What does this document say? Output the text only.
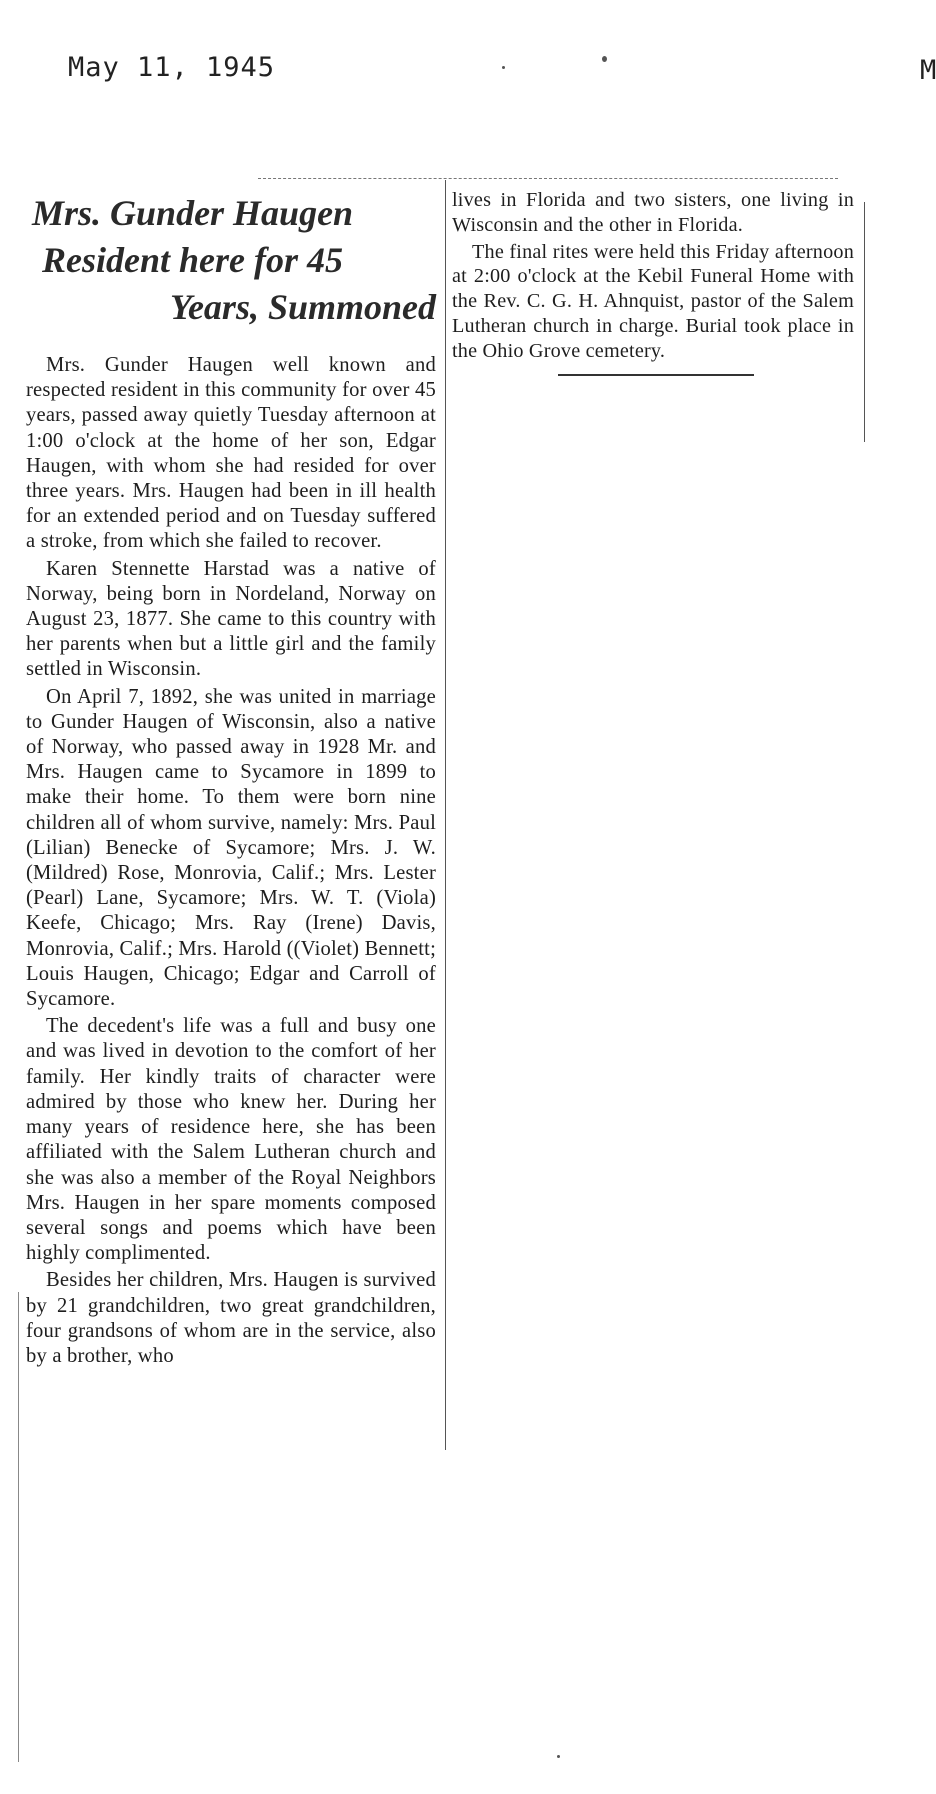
May 11, 1945	M
Mrs. Gunder Haugen
Resident here for 45
Years, Summoned

Mrs. Gunder Haugen well known and respected resident in this community for over 45 years, passed away quietly Tuesday afternoon at 1:00 o'clock at the home of her son, Edgar Haugen, with whom she had resided for over three years. Mrs. Haugen had been in ill health for an extended period and on Tuesday suffered a stroke, from which she failed to recover.

Karen Stennette Harstad was a native of Norway, being born in Nordeland, Norway on August 23, 1877. She came to this country with her parents when but a little girl and the family settled in Wisconsin.

On April 7, 1892, she was united in marriage to Gunder Haugen of Wisconsin, also a native of Norway, who passed away in 1928 Mr. and Mrs. Haugen came to Sycamore in 1899 to make their home. To them were born nine children all of whom survive, namely: Mrs. Paul (Lilian) Benecke of Sycamore; Mrs. J. W. (Mildred) Rose, Monrovia, Calif.; Mrs. Lester (Pearl) Lane, Sycamore; Mrs. W. T. (Viola) Keefe, Chicago; Mrs. Ray (Irene) Davis, Monrovia, Calif.; Mrs. Harold ((Violet) Bennett; Louis Haugen, Chicago; Edgar and Carroll of Sycamore.

The decedent's life was a full and busy one and was lived in devotion to the comfort of her family. Her kindly traits of character were admired by those who knew her. During her many years of residence here, she has been affiliated with the Salem Lutheran church and she was also a member of the Royal Neighbors Mrs. Haugen in her spare moments composed several songs and poems which have been highly complimented.

Besides her children, Mrs. Haugen is survived by 21 grandchildren, two great grandchildren, four grandsons of whom are in the service, also by a brother, who

lives in Florida and two sisters, one living in Wisconsin and the other in Florida.

The final rites were held this Friday afternoon at 2:00 o'clock at the Kebil Funeral Home with the Rev. C. G. H. Ahnquist, pastor of the Salem Lutheran church in charge. Burial took place in the Ohio Grove cemetery.
